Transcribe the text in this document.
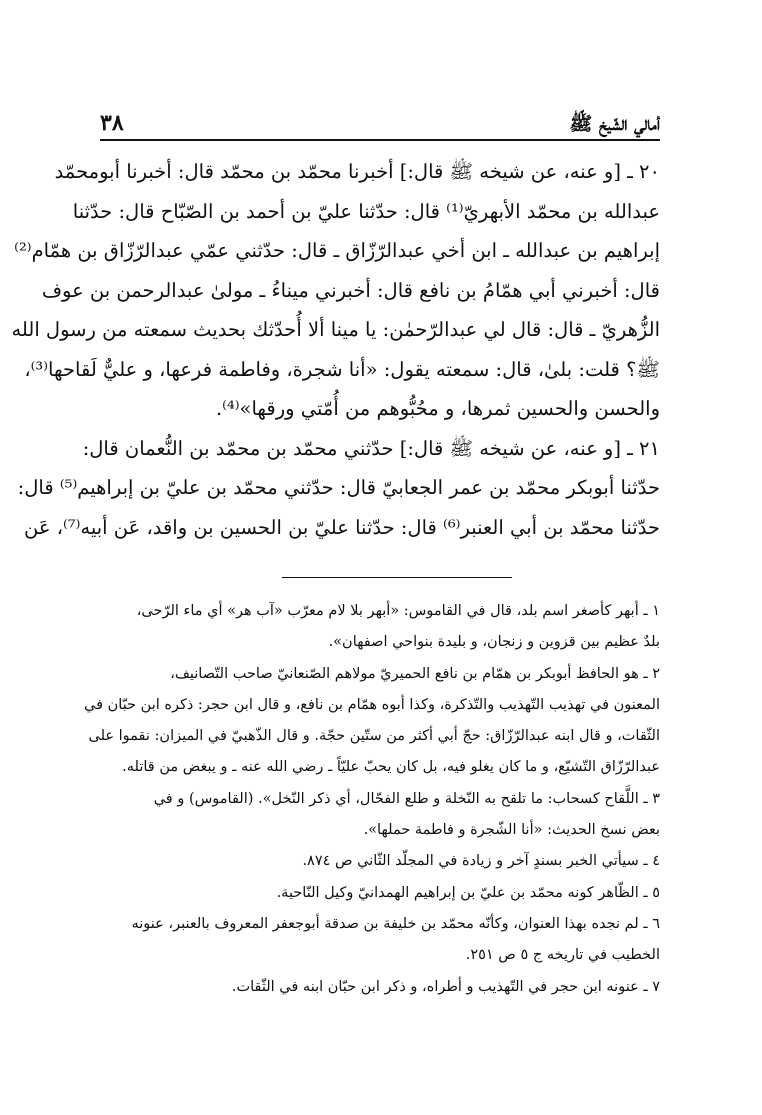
أمالي الشّيخ ﷺ
٣٨
٢٠ ـ [و عنه، عن شيخه ﷺ قال:] أخبرنا محمّد بن محمّد قال: أخبرنا أبومحمّد
عبدالله بن محمّد الأبهريّ⁽¹⁾ قال: حدّثنا عليّ بن أحمد بن الصّبّاح قال: حدّثنا
إبراهيم بن عبدالله ـ ابن أخي عبدالرّزّاق ـ قال: حدّثني عمّي عبدالرّزّاق بن همّام⁽²⁾
قال: أخبرني أبي همّامُ بن نافع قال: أخبرني ميناءُ ـ مولىٰ عبدالرحمن بن عوف
الزُّهريّ ـ قال: قال لي عبدالرّحمٰن: يا مينا ألا أُحدّثك بحديث سمعته من رسول الله
ﷺ؟ قلت: بلىٰ، قال: سمعته يقول: «أنا شجرة، وفاطمة فرعها، و عليٌّ لَقاحها⁽³⁾،
والحسن والحسين ثمرها، و محُبُّوهم من أُمّتي ورقها»⁽⁴⁾.
٢١ ـ [و عنه، عن شيخه ﷺ قال:] حدّثني محمّد بن محمّد بن النُّعمان قال:
حدّثنا أبوبكر محمّد بن عمر الجعابيّ قال: حدّثني محمّد بن عليّ بن إبراهيم⁽⁵⁾ قال:
حدّثنا محمّد بن أبي العنبر⁽⁶⁾ قال: حدّثنا عليّ بن الحسين بن واقد، عَن أبيه⁽⁷⁾، عَن
١ ـ أبهر كأصغر اسم بلد، قال في القاموس: «أبهر بلا لام معرّب «آب هر» أي ماء الرّحى،
بلدٌ عظيم بين قزوين و زنجان، و بليدة بنواحي اصفهان».
٢ ـ هو الحافظ أبوبكر بن همّام بن نافع الحميريّ مولاهم الصّنعانيّ صاحب التّصانيف،
المعنون في تهذيب التّهذيب والتّذكرة، وكذا أبوه همّام بن نافع، و قال ابن حجر: ذكره ابن حبّان في
الثّقات، و قال ابنه عبدالرّزّاق: حجّ أبي أكثر من ستّين حجّة. و قال الذّهبيّ في الميزان: نقموا على
عبدالرّزّاق التّشيّع، و ما كان يغلو فيه، بل كان يحبّ عليّاً ـ رضي الله عنه ـ و يبغض من قاتله.
٣ ـ اللَّقاح كسحاب: ما تلقح به النّخلة و طلع الفحّال، أي ذكر النّخل». (القاموس) و في
بعض نسخ الحديث: «أنا الشّجرة و فاطمة حملها».
٤ ـ سيأتي الخبر بسندٍ آخر و زيادة في المجلّد الثّاني ص ٨٧٤.
٥ ـ الظّاهر كونه محمّد بن عليّ بن إبراهيم الهمدانيّ وكيل النّاحية.
٦ ـ لم نجده بهذا العنوان، وكأنّه محمّد بن خليفة بن صدقة أبوجعفر المعروف بالعنبر، عنونه
الخطيب في تاريخه ج ٥ ص ٢٥١.
٧ ـ عنونه ابن حجر في التّهذيب و أطراه، و ذكر ابن حبّان ابنه في الثّقات.
